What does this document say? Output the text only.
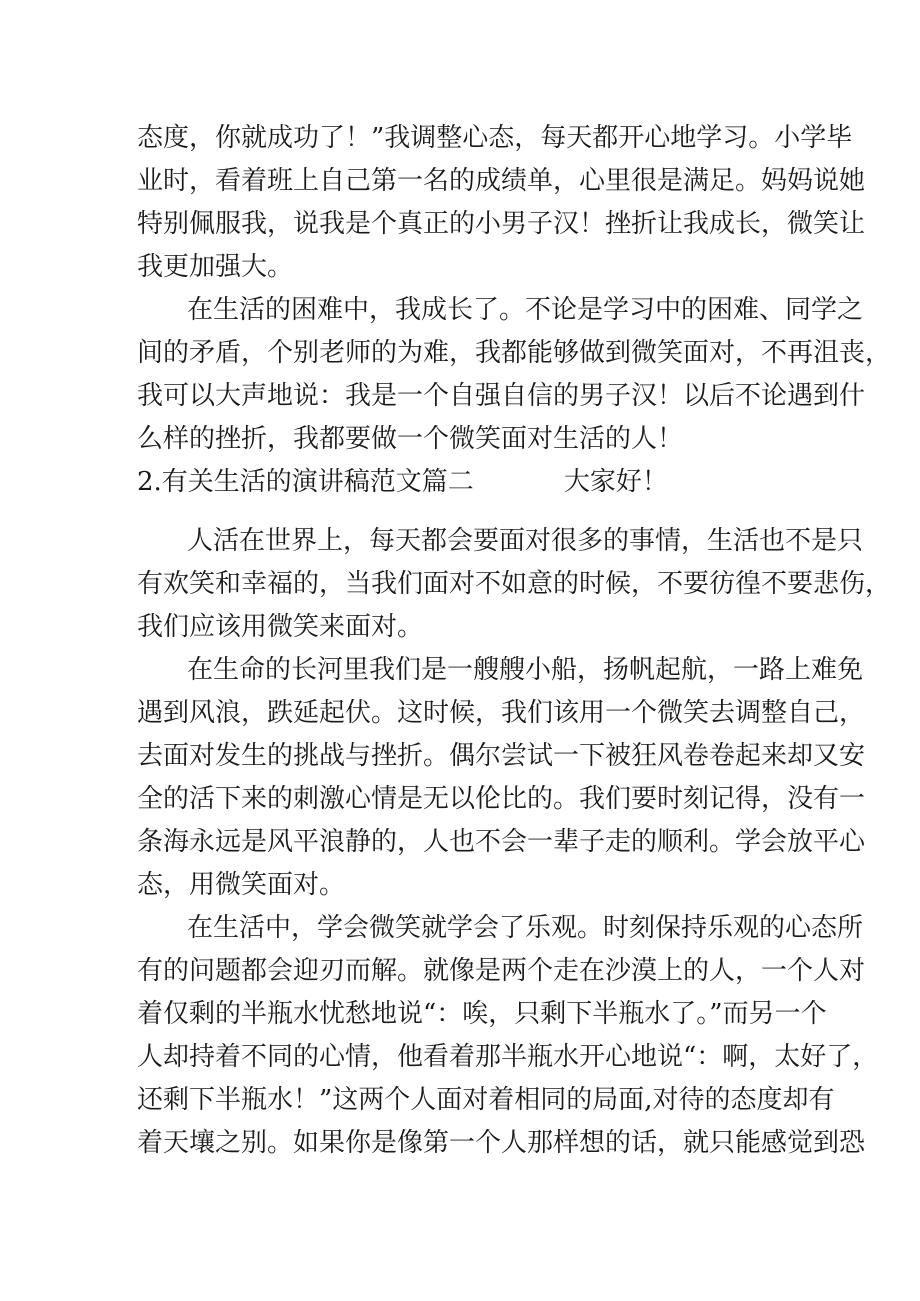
态度，你就成功了！”我调整心态，每天都开心地学习。小学毕
业时，看着班上自己第一名的成绩单，心里很是满足。妈妈说她
特别佩服我，说我是个真正的小男子汉！挫折让我成长，微笑让
我更加强大。
在生活的困难中，我成长了。不论是学习中的困难、同学之
间的矛盾，个别老师的为难，我都能够做到微笑面对，不再沮丧，
我可以大声地说：我是一个自强自信的男子汉！以后不论遇到什
么样的挫折，我都要做一个微笑面对生活的人！
2.有关生活的演讲稿范文篇二	大家好！
人活在世界上，每天都会要面对很多的事情，生活也不是只
有欢笑和幸福的，当我们面对不如意的时候，不要彷徨不要悲伤，
我们应该用微笑来面对。
在生命的长河里我们是一艘艘小船，扬帆起航，一路上难免
遇到风浪，跌延起伏。这时候，我们该用一个微笑去调整自己，
去面对发生的挑战与挫折。偶尔尝试一下被狂风卷卷起来却又安
全的活下来的刺激心情是无以伦比的。我们要时刻记得，没有一
条海永远是风平浪静的，人也不会一辈子走的顺利。学会放平心
态，用微笑面对。
在生活中，学会微笑就学会了乐观。时刻保持乐观的心态所
有的问题都会迎刃而解。就像是两个走在沙漠上的人，一个人对
着仅剩的半瓶水忧愁地说“：唉，只剩下半瓶水了。”而另一个
人却持着不同的心情，他看着那半瓶水开心地说“：啊，太好了，
还剩下半瓶水！”这两个人面对着相同的局面,对待的态度却有
着天壤之别。如果你是像第一个人那样想的话，就只能感觉到恐
